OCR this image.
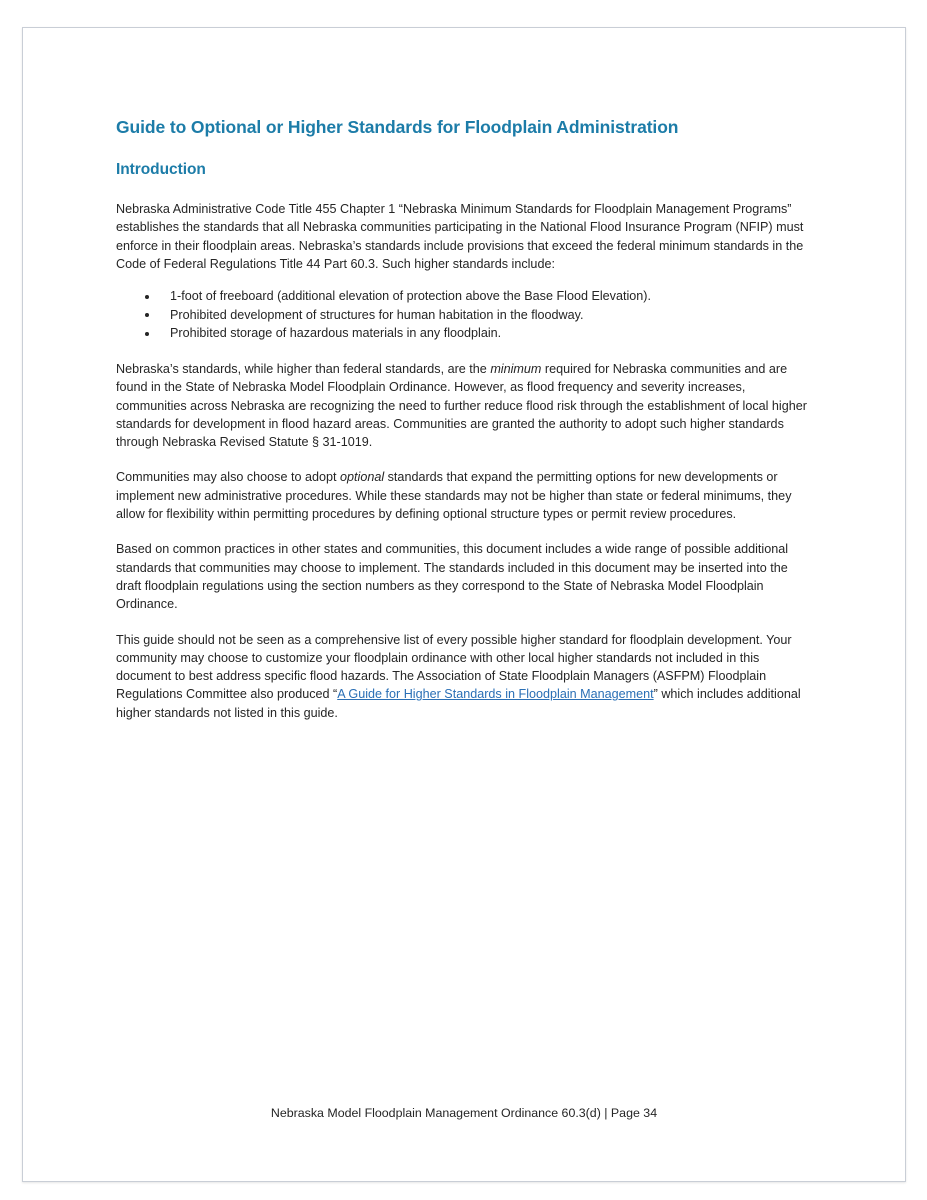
Guide to Optional or Higher Standards for Floodplain Administration
Introduction

Nebraska Administrative Code Title 455 Chapter 1 “Nebraska Minimum Standards for Floodplain Management Programs” establishes the standards that all Nebraska communities participating in the National Flood Insurance Program (NFIP) must enforce in their floodplain areas. Nebraska’s standards include provisions that exceed the federal minimum standards in the Code of Federal Regulations Title 44 Part 60.3. Such higher standards include:

1-foot of freeboard (additional elevation of protection above the Base Flood Elevation).
Prohibited development of structures for human habitation in the floodway.
Prohibited storage of hazardous materials in any floodplain.

Nebraska’s standards, while higher than federal standards, are the minimum required for Nebraska communities and are found in the State of Nebraska Model Floodplain Ordinance. However, as flood frequency and severity increases, communities across Nebraska are recognizing the need to further reduce flood risk through the establishment of local higher standards for development in flood hazard areas. Communities are granted the authority to adopt such higher standards through Nebraska Revised Statute § 31-1019.

Communities may also choose to adopt optional standards that expand the permitting options for new developments or implement new administrative procedures. While these standards may not be higher than state or federal minimums, they allow for flexibility within permitting procedures by defining optional structure types or permit review procedures.

Based on common practices in other states and communities, this document includes a wide range of possible additional standards that communities may choose to implement. The standards included in this document may be inserted into the draft floodplain regulations using the section numbers as they correspond to the State of Nebraska Model Floodplain Ordinance.

This guide should not be seen as a comprehensive list of every possible higher standard for floodplain development. Your community may choose to customize your floodplain ordinance with other local higher standards not included in this document to best address specific flood hazards. The Association of State Floodplain Managers (ASFPM) Floodplain Regulations Committee also produced “A Guide for Higher Standards in Floodplain Management” which includes additional higher standards not listed in this guide.

Nebraska Model Floodplain Management Ordinance 60.3(d) | Page 34
